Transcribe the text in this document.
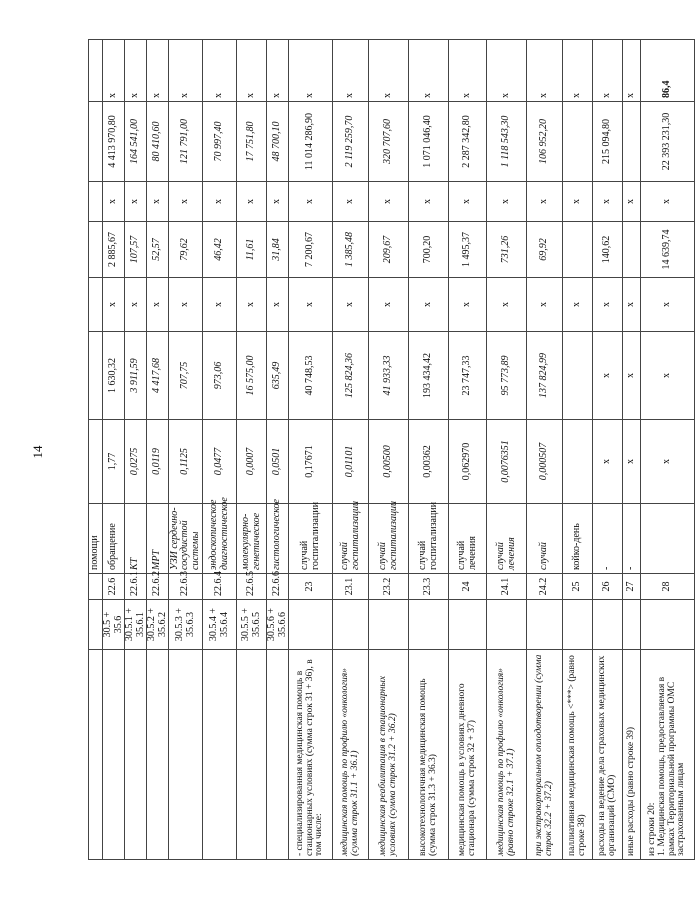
14
			помощи							
	30.5 + 35.6	22.6	обращение	1,77	1 630,32	x	2 885,67	x	4 413 970,80	x
	30.5.1 + 35.6.1	22.6.1	КТ	0,0275	3 911,59	x	107,57	x	164 541,00	x
	30.5.2 + 35.6.2	22.6.2	МРТ	0,0119	4 417,68	x	52,57	x	80 410,60	x
	30.5.3 + 35.6.3	22.6.3	УЗИ сердечно-сосудистой системы	0,1125	707,75	x	79,62	x	121 791,00	x
	30.5.4 + 35.6.4	22.6.4	эндоскопическое диагностическое	0,0477	973,06	x	46,42	x	70 997,40	x
	30.5.5 + 35.6.5	22.6.5	молекулярно-генетическое	0,0007	16 575,00	x	11,61	x	17 751,80	x
	30.5.6 + 35.6.6	22.6.6	гистологическое	0,0501	635,49	x	31,84	x	48 700,10	x
- специализированная медицинская помощь в стационарных условиях (сумма строк 31 + 36), в том числе:		23	случай госпитализации	0,17671	40 748,53	x	7 200,67	x	11 014 286,90	x
медицинская помощь по профилю «онкология» (сумма строк 31.1 + 36.1)		23.1	случай госпитализации	0,01101	125 824,36	x	1 385,48	x	2 119 259,70	x
медицинская реабилитация в стационарных условиях (сумма строк 31.2 + 36.2)		23.2	случай госпитализации	0,00500	41 933,33	x	209,67	x	320 707,60	x
высокотехнологичная медицинская помощь (сумма строк 31.3 + 36.3)		23.3	случай госпитализации	0,00362	193 434,42	x	700,20	x	1 071 046,40	x
медицинская помощь в условиях дневного стационара (сумма строк 32 + 37)		24	случай лечения	0,062970	23 747,33	x	1 495,37	x	2 287 342,80	x
медицинская помощь по профилю «онкология» (равно строке 32.1 + 37.1)		24.1	случай лечения	0,0076351	95 773,89	x	731,26	x	1 118 543,30	x
при экстракорпоральном оплодотворении (сумма строк 32.2 + 37.2)		24.2	случай	0,000507	137 824,99	x	69,92	x	106 952,20	x
паллиативная медицинская помощь <***> (равно строке 38)		25	койко-день			x		x		x
расходы на ведение дела страховых медицинских организаций (СМО)		26	-	x	x	x	140,62	x	215 094,80	x
иные расходы (равно строке 39)		27	-	x	x	x		x		x
из строки 20:
1. Медицинская помощь, предоставляемая в рамках Территориальной программы ОМС застрахованным лицам		28		x	x	x	14 639,74	x	22 393 231,30	86,4
